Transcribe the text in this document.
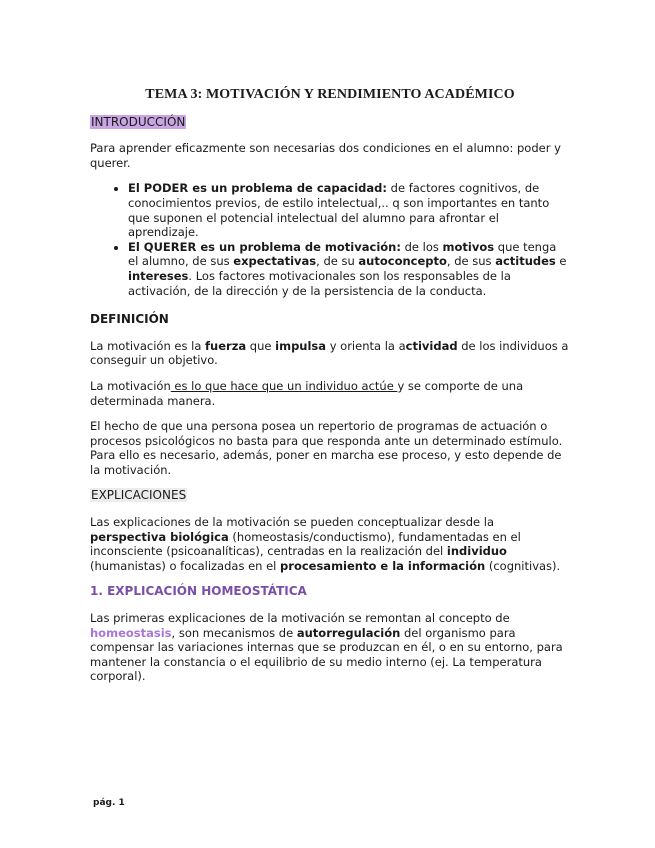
TEMA 3: MOTIVACIÓN Y RENDIMIENTO ACADÉMICO
INTRODUCCIÓN

Para aprender eficazmente son necesarias dos condiciones en el alumno: poder y querer.

• El PODER es un problema de capacidad: de factores cognitivos, de conocimientos previos, de estilo intelectual,.. q son importantes en tanto que suponen el potencial intelectual del alumno para afrontar el aprendizaje.
• El QUERER es un problema de motivación: de los motivos que tenga el alumno, de sus expectativas, de su autoconcepto, de sus actitudes e intereses. Los factores motivacionales son los responsables de la activación, de la dirección y de la persistencia de la conducta.
DEFINICIÓN

La motivación es la fuerza que impulsa y orienta la actividad de los individuos a conseguir un objetivo.

La motivación es lo que hace que un individuo actúe y se comporte de una determinada manera.

El hecho de que una persona posea un repertorio de programas de actuación o procesos psicológicos no basta para que responda ante un determinado estímulo. Para ello es necesario, además, poner en marcha ese proceso, y esto depende de la motivación.

EXPLICACIONES

Las explicaciones de la motivación se pueden conceptualizar desde la perspectiva biológica (homeostasis/conductismo), fundamentadas en el inconsciente (psicoanalíticas), centradas en la realización del individuo (humanistas) o focalizadas en el procesamiento e la información (cognitivas).

1. EXPLICACIÓN HOMEOSTÁTICA

Las primeras explicaciones de la motivación se remontan al concepto de homeostasis, son mecanismos de autorregulación del organismo para compensar las variaciones internas que se produzcan en él, o en su entorno, para mantener la constancia o el equilibrio de su medio interno (ej. La temperatura corporal).

pág. 1
